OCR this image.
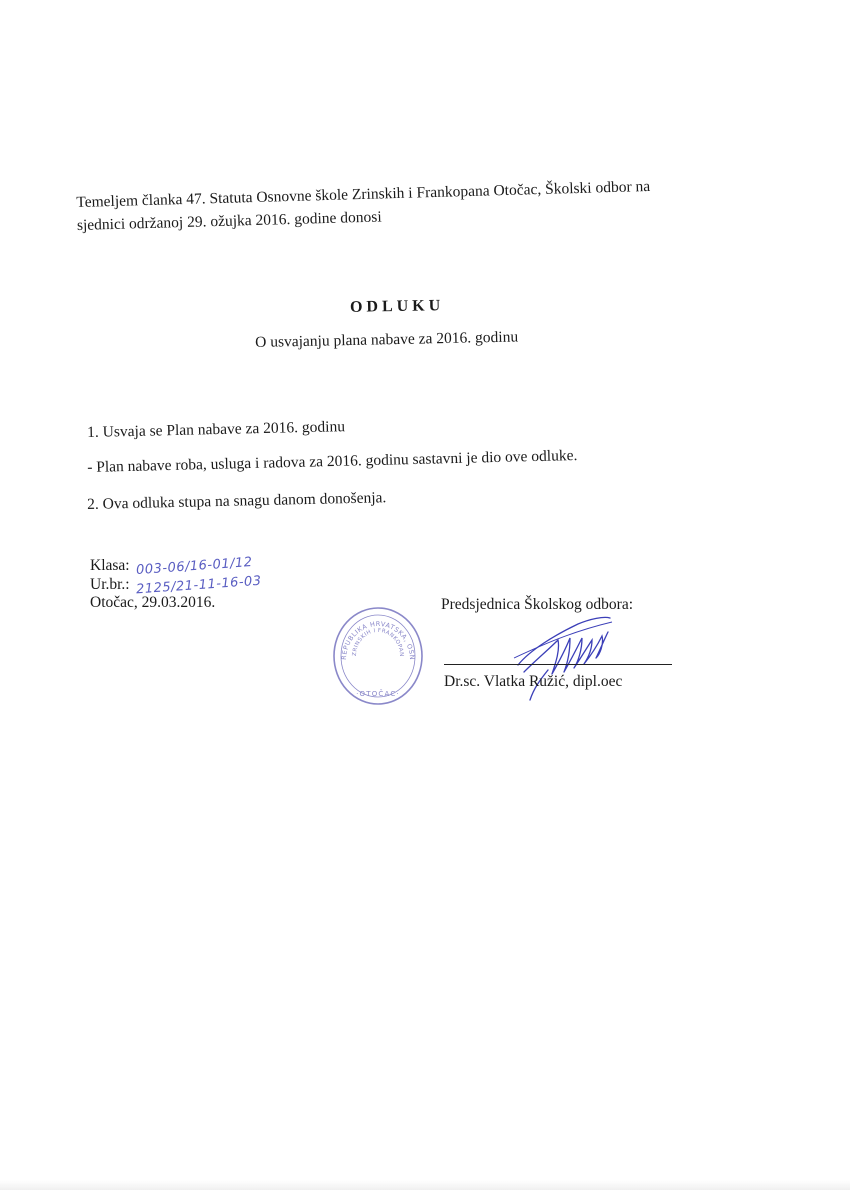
Temeljem članka 47. Statuta Osnovne škole Zrinskih i Frankopana Otočac, Školski odbor na
sjednici održanoj 29. ožujka 2016. godine donosi
ODLUKU
O usvajanju plana nabave za 2016. godinu
1. Usvaja se Plan nabave za 2016. godinu
- Plan nabave roba, usluga i radova za 2016. godinu sastavni je dio ove odluke.
2. Ova odluka stupa na snagu danom donošenja.
Klasa: 003-06/16-01/12
Ur.br.: 2125/21-11-16-03
Otočac, 29.03.2016.
REPUBLIKA HRVATSKA, OSN
ZRINSKIH I FRANKOPAN
·OTOČAC·
Predsjednica Školskog odbora:
Dr.sc. Vlatka Ružić, dipl.oec
